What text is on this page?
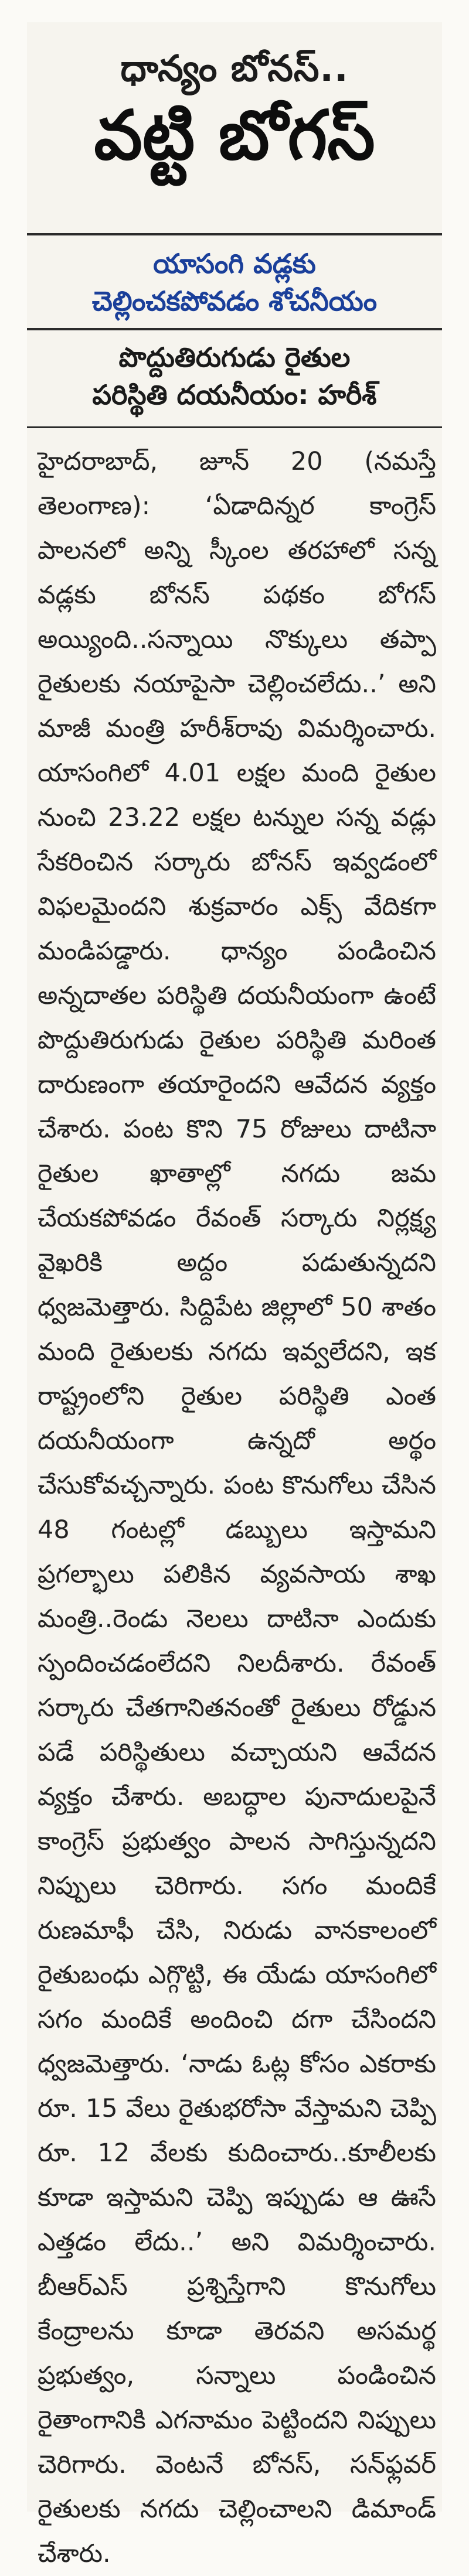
ధాన్యం బోనస్..
వట్టి బోగస్
యాసంగి వడ్లకు
చెల్లించకపోవడం శోచనీయం
పొద్దుతిరుగుడు రైతుల
పరిస్థితి దయనీయం: హరీశ్

హైదరాబాద్, జూన్ 20 (నమస్తే తెలంగాణ): ‘ఏడాదిన్నర కాంగ్రెస్ పాలనలో అన్ని స్కీంల తరహాలో సన్న వడ్లకు బోనస్ పథకం బోగస్ అయ్యింది..సన్నాయి నొక్కులు తప్పా రైతులకు నయాపైసా చెల్లించలేదు..’ అని మాజీ మంత్రి హరీశ్‌రావు విమర్శించారు. యాసంగిలో 4.01 లక్షల మంది రైతుల నుంచి 23.22 లక్షల టన్నుల సన్న వడ్లు సేకరించిన సర్కారు బోనస్ ఇవ్వడంలో విఫలమైందని శుక్రవారం ఎక్స్ వేదికగా మండిపడ్డారు. ధాన్యం పండించిన అన్నదాతల పరిస్థితి దయనీయంగా ఉంటే పొద్దుతిరుగుడు రైతుల పరిస్థితి మరింత దారుణంగా తయారైందని ఆవేదన వ్యక్తం చేశారు. పంట కొని 75 రోజులు దాటినా రైతుల ఖాతాల్లో నగదు జమ చేయకపోవడం రేవంత్ సర్కారు నిర్లక్ష్య వైఖరికి అద్దం పడుతున్నదని ధ్వజమెత్తారు. సిద్దిపేట జిల్లాలో 50 శాతం మంది రైతులకు నగదు ఇవ్వలేదని, ఇక రాష్ట్రంలోని రైతుల పరిస్థితి ఎంత దయనీయంగా ఉన్నదో అర్థం చేసుకోవచ్చన్నారు. పంట కొనుగోలు చేసిన 48 గంటల్లో డబ్బులు ఇస్తామని ప్రగల్భాలు పలికిన వ్యవసాయ శాఖ మంత్రి..రెండు నెలలు దాటినా ఎందుకు స్పందించడంలేదని నిలదీశారు. రేవంత్ సర్కారు చేతగానితనంతో రైతులు రోడ్డున పడే పరిస్థితులు వచ్చాయని ఆవేదన వ్యక్తం చేశారు. అబద్ధాల పునాదులపైనే కాంగ్రెస్ ప్రభుత్వం పాలన సాగిస్తున్నదని నిప్పులు చెరిగారు. సగం మందికే రుణమాఫీ చేసి, నిరుడు వానకాలంలో రైతుబంధు ఎగ్గొట్టి, ఈ యేడు యాసంగిలో సగం మందికే అందించి దగా చేసిందని ధ్వజమెత్తారు. ‘నాడు ఓట్ల కోసం ఎకరాకు రూ. 15 వేలు రైతుభరోసా వేస్తామని చెప్పి రూ. 12 వేలకు కుదించారు..కూలీలకు కూడా ఇస్తామని చెప్పి ఇప్పుడు ఆ ఊసే ఎత్తడం లేదు..’ అని విమర్శించారు. బీఆర్ఎస్ ప్రశ్నిస్తేగాని కొనుగోలు కేంద్రాలను కూడా తెరవని అసమర్థ ప్రభుత్వం, సన్నాలు పండించిన రైతాంగానికి ఎగనామం పెట్టిందని నిప్పులు చెరిగారు. వెంటనే బోనస్, సన్‌ఫ్లవర్ రైతులకు నగదు చెల్లించాలని డిమాండ్ చేశారు.
